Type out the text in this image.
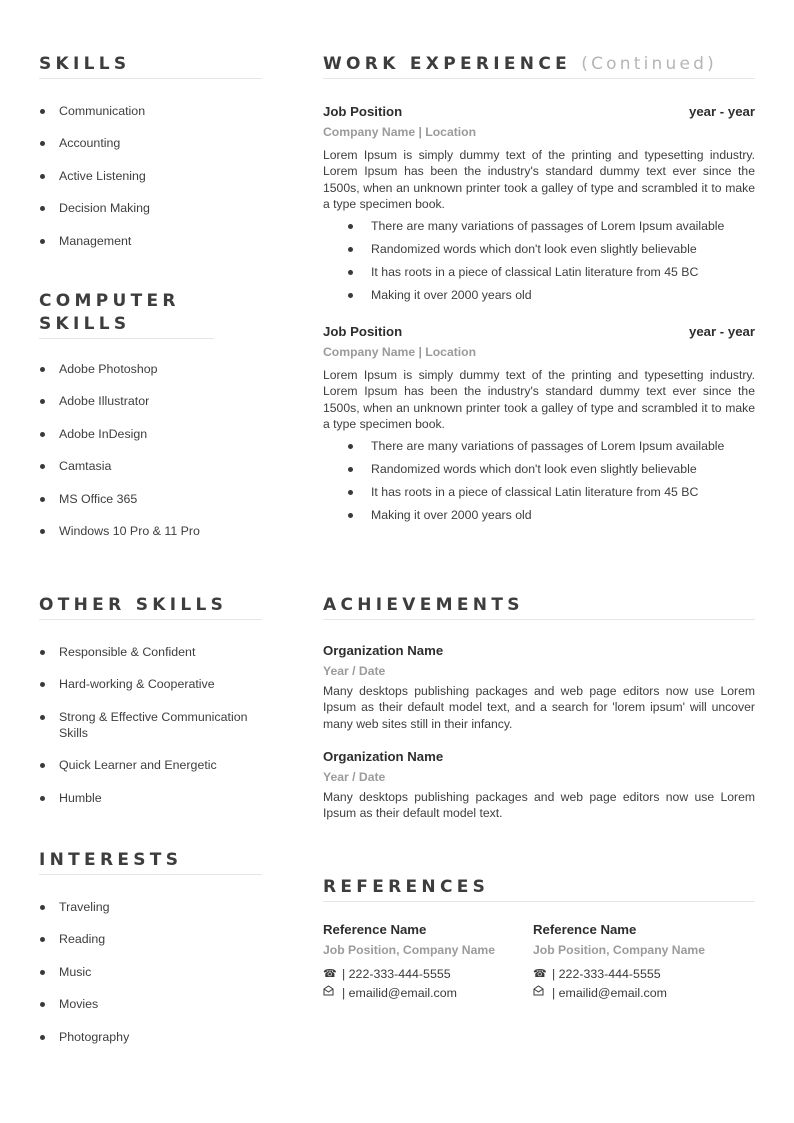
SKILLS
Communication
Accounting
Active Listening
Decision Making
Management
COMPUTER SKILLS
Adobe Photoshop
Adobe Illustrator
Adobe InDesign
Camtasia
MS Office 365
Windows 10 Pro & 11 Pro
OTHER SKILLS
Responsible & Confident
Hard-working & Cooperative
Strong & Effective Communication Skills
Quick Learner and Energetic
Humble
INTERESTS
Traveling
Reading
Music
Movies
Photography
WORK EXPERIENCE (Continued)
Job Position	year - year
Company Name | Location

Lorem Ipsum is simply dummy text of the printing and typesetting industry. Lorem Ipsum has been the industry's standard dummy text ever since the 1500s, when an unknown printer took a galley of type and scrambled it to make a type specimen book.

There are many variations of passages of Lorem Ipsum available
Randomized words which don't look even slightly believable
It has roots in a piece of classical Latin literature from 45 BC
Making it over 2000 years old
Job Position	year - year
Company Name | Location

Lorem Ipsum is simply dummy text of the printing and typesetting industry. Lorem Ipsum has been the industry's standard dummy text ever since the 1500s, when an unknown printer took a galley of type and scrambled it to make a type specimen book.

There are many variations of passages of Lorem Ipsum available
Randomized words which don't look even slightly believable
It has roots in a piece of classical Latin literature from 45 BC
Making it over 2000 years old
ACHIEVEMENTS
Organization Name
Year / Date

Many desktops publishing packages and web page editors now use Lorem Ipsum as their default model text, and a search for 'lorem ipsum' will uncover many web sites still in their infancy.

Organization Name
Year / Date

Many desktops publishing packages and web page editors now use Lorem Ipsum as their default model text.

REFERENCES
Reference Name
Job Position, Company Name
☎ | 222-333-444-5555
| emailid@email.com
Reference Name
Job Position, Company Name
☎ | 222-333-444-5555
| emailid@email.com
